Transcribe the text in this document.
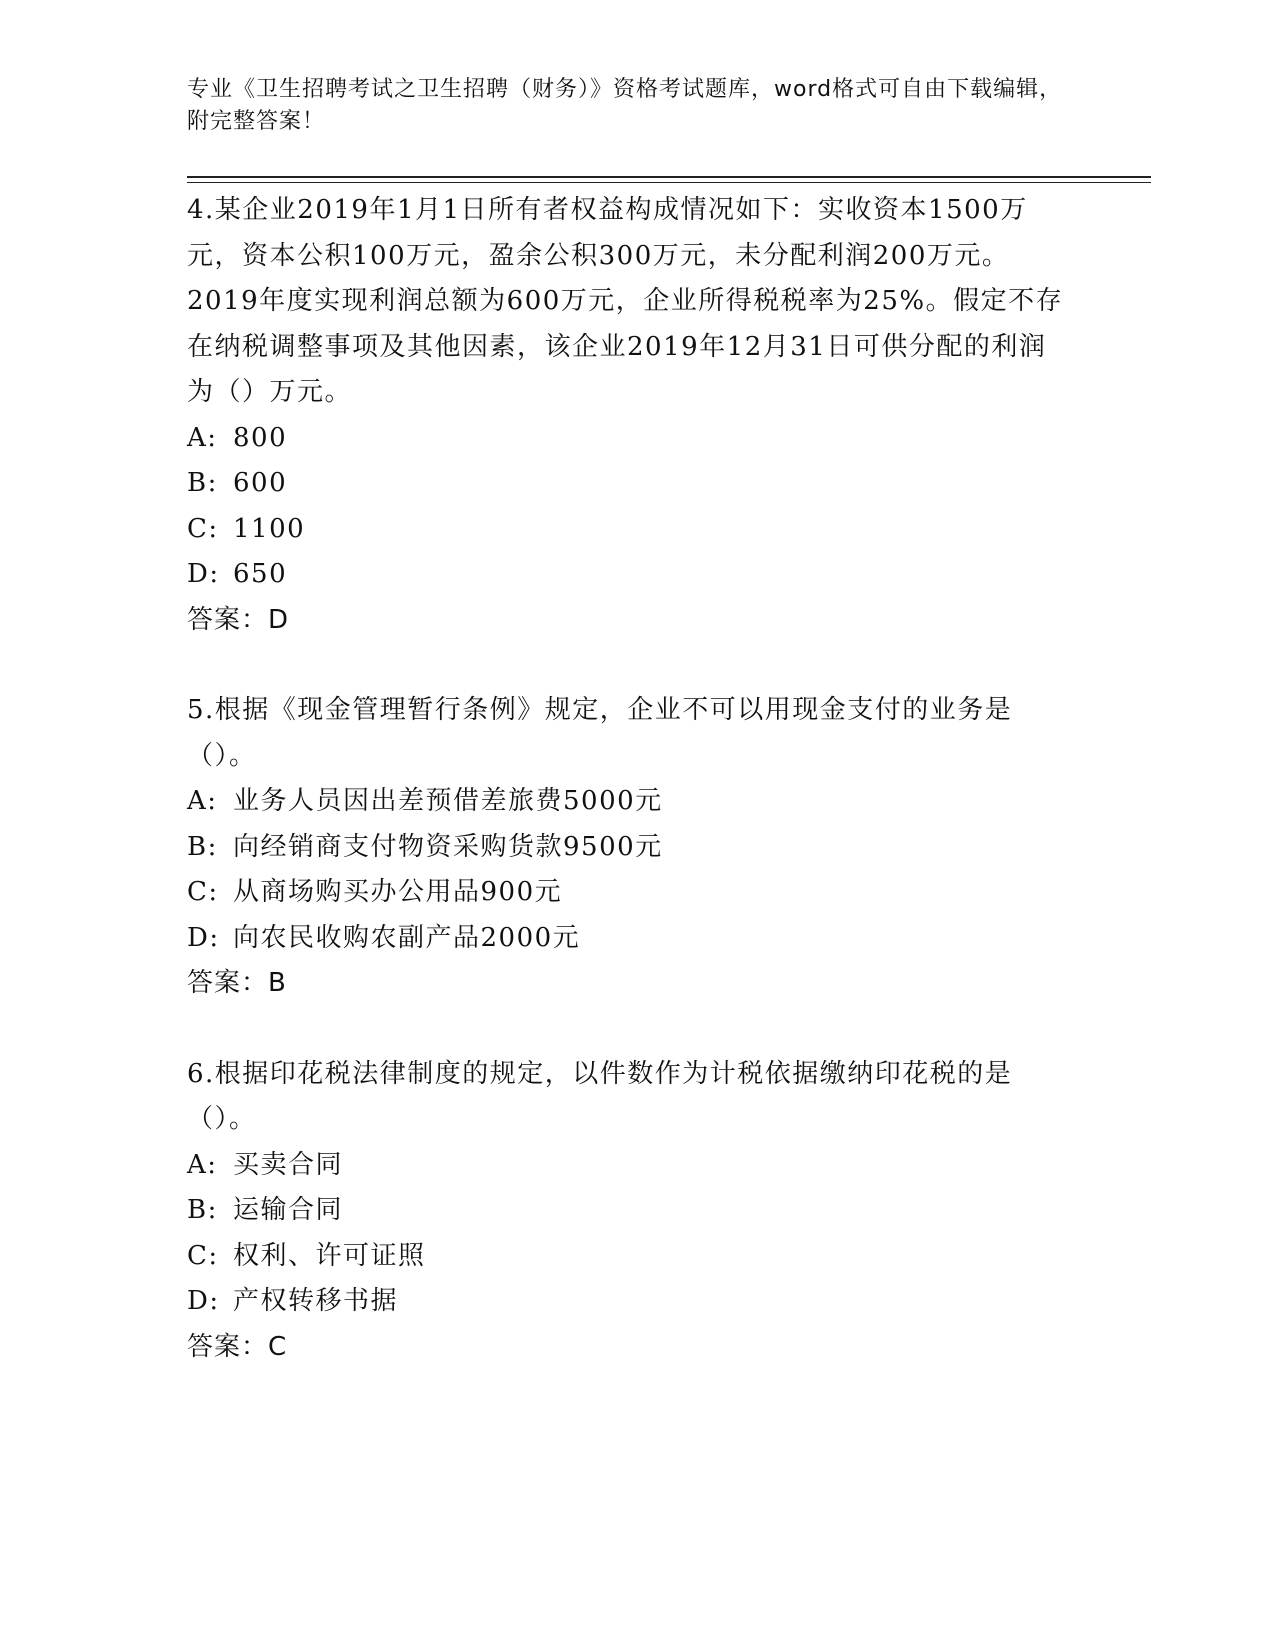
专业《卫生招聘考试之卫生招聘（财务）》资格考试题库，word格式可自由下载编辑，附完整答案！

4.某企业2019年1月1日所有者权益构成情况如下：实收资本1500万元，资本公积100万元，盈余公积300万元，未分配利润200万元。2019年度实现利润总额为600万元，企业所得税税率为25%。假定不存在纳税调整事项及其他因素，该企业2019年12月31日可供分配的利润为（）万元。

A: 800

B: 600

C: 1100

D: 650

答案：D

5.根据《现金管理暂行条例》规定，企业不可以用现金支付的业务是（）。

A: 业务人员因出差预借差旅费5000元

B: 向经销商支付物资采购货款9500元

C: 从商场购买办公用品900元

D: 向农民收购农副产品2000元

答案：B

6.根据印花税法律制度的规定，以件数作为计税依据缴纳印花税的是（）。

A: 买卖合同

B: 运输合同

C: 权利、许可证照

D: 产权转移书据

答案：C
